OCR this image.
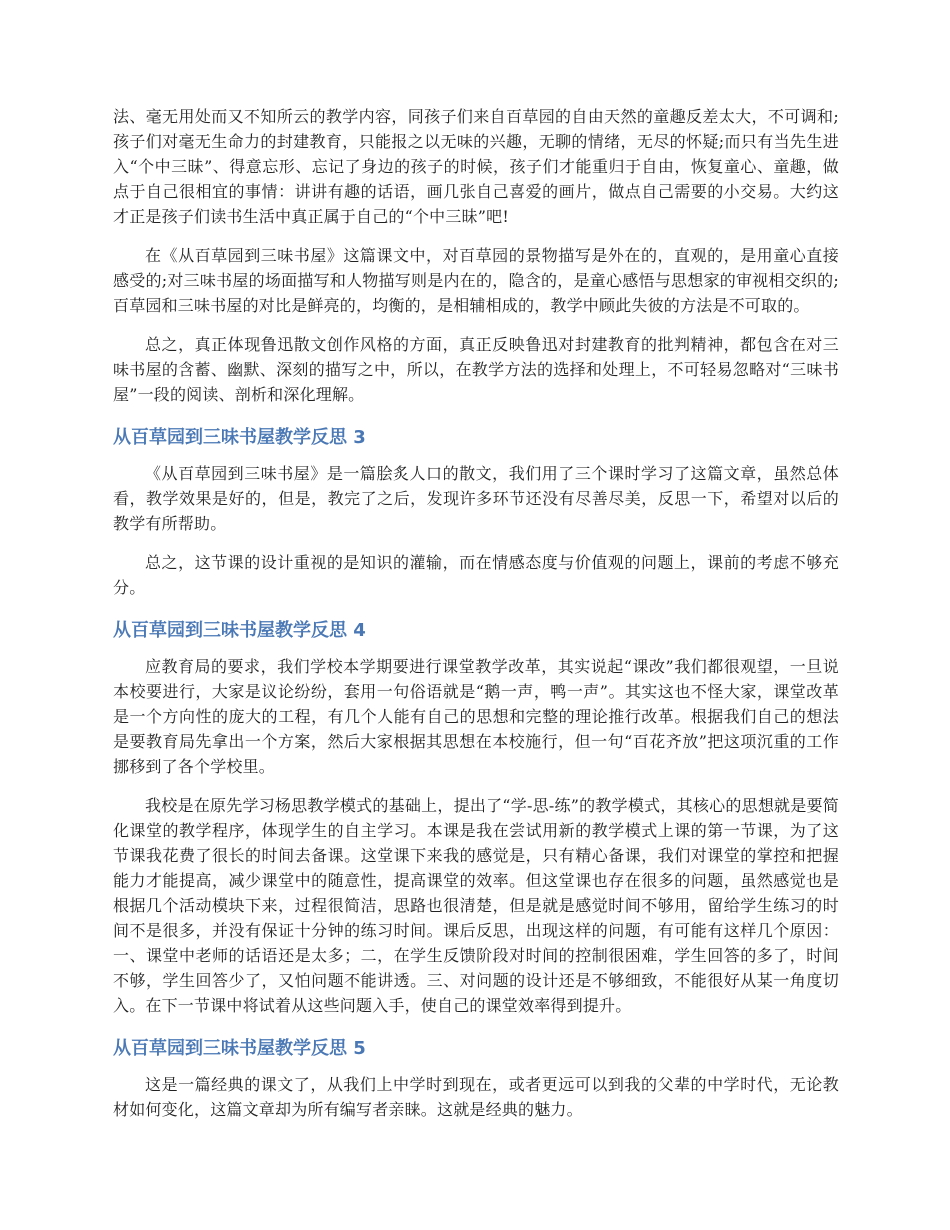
法、毫无用处而又不知所云的教学内容，同孩子们来自百草园的自由天然的童趣反差太大，不可调和;孩子们对毫无生命力的封建教育，只能报之以无味的兴趣，无聊的情绪，无尽的怀疑;而只有当先生进入“个中三昧”、得意忘形、忘记了身边的孩子的时候，孩子们才能重归于自由，恢复童心、童趣，做点于自己很相宜的事情：讲讲有趣的话语，画几张自己喜爱的画片，做点自己需要的小交易。大约这才正是孩子们读书生活中真正属于自己的“个中三昧”吧!

在《从百草园到三味书屋》这篇课文中，对百草园的景物描写是外在的，直观的，是用童心直接感受的;对三味书屋的场面描写和人物描写则是内在的，隐含的，是童心感悟与思想家的审视相交织的;百草园和三味书屋的对比是鲜亮的，均衡的，是相辅相成的，教学中顾此失彼的方法是不可取的。

总之，真正体现鲁迅散文创作风格的方面，真正反映鲁迅对封建教育的批判精神，都包含在对三味书屋的含蓄、幽默、深刻的描写之中，所以，在教学方法的选择和处理上，不可轻易忽略对“三味书屋”一段的阅读、剖析和深化理解。

从百草园到三味书屋教学反思 3

《从百草园到三味书屋》是一篇脍炙人口的散文，我们用了三个课时学习了这篇文章，虽然总体看，教学效果是好的，但是，教完了之后，发现许多环节还没有尽善尽美，反思一下，希望对以后的教学有所帮助。

总之，这节课的设计重视的是知识的灌输，而在情感态度与价值观的问题上，课前的考虑不够充分。

从百草园到三味书屋教学反思 4

应教育局的要求，我们学校本学期要进行课堂教学改革，其实说起“课改”我们都很观望，一旦说本校要进行，大家是议论纷纷，套用一句俗语就是“鹅一声，鸭一声”。其实这也不怪大家，课堂改革是一个方向性的庞大的工程，有几个人能有自己的思想和完整的理论推行改革。根据我们自己的想法是要教育局先拿出一个方案，然后大家根据其思想在本校施行，但一句“百花齐放”把这项沉重的工作挪移到了各个学校里。

我校是在原先学习杨思教学模式的基础上，提出了“学-思-练”的教学模式，其核心的思想就是要简化课堂的教学程序，体现学生的自主学习。本课是我在尝试用新的教学模式上课的第一节课，为了这节课我花费了很长的时间去备课。这堂课下来我的感觉是，只有精心备课，我们对课堂的掌控和把握能力才能提高，减少课堂中的随意性，提高课堂的效率。但这堂课也存在很多的问题，虽然感觉也是根据几个活动模块下来，过程很简洁，思路也很清楚，但是就是感觉时间不够用，留给学生练习的时间不是很多，并没有保证十分钟的练习时间。课后反思，出现这样的问题，有可能有这样几个原因：一、课堂中老师的话语还是太多；二，在学生反馈阶段对时间的控制很困难，学生回答的多了，时间不够，学生回答少了，又怕问题不能讲透。三、对问题的设计还是不够细致，不能很好从某一角度切入。在下一节课中将试着从这些问题入手，使自己的课堂效率得到提升。

从百草园到三味书屋教学反思 5

这是一篇经典的课文了，从我们上中学时到现在，或者更远可以到我的父辈的中学时代，无论教材如何变化，这篇文章却为所有编写者亲睐。这就是经典的魅力。
